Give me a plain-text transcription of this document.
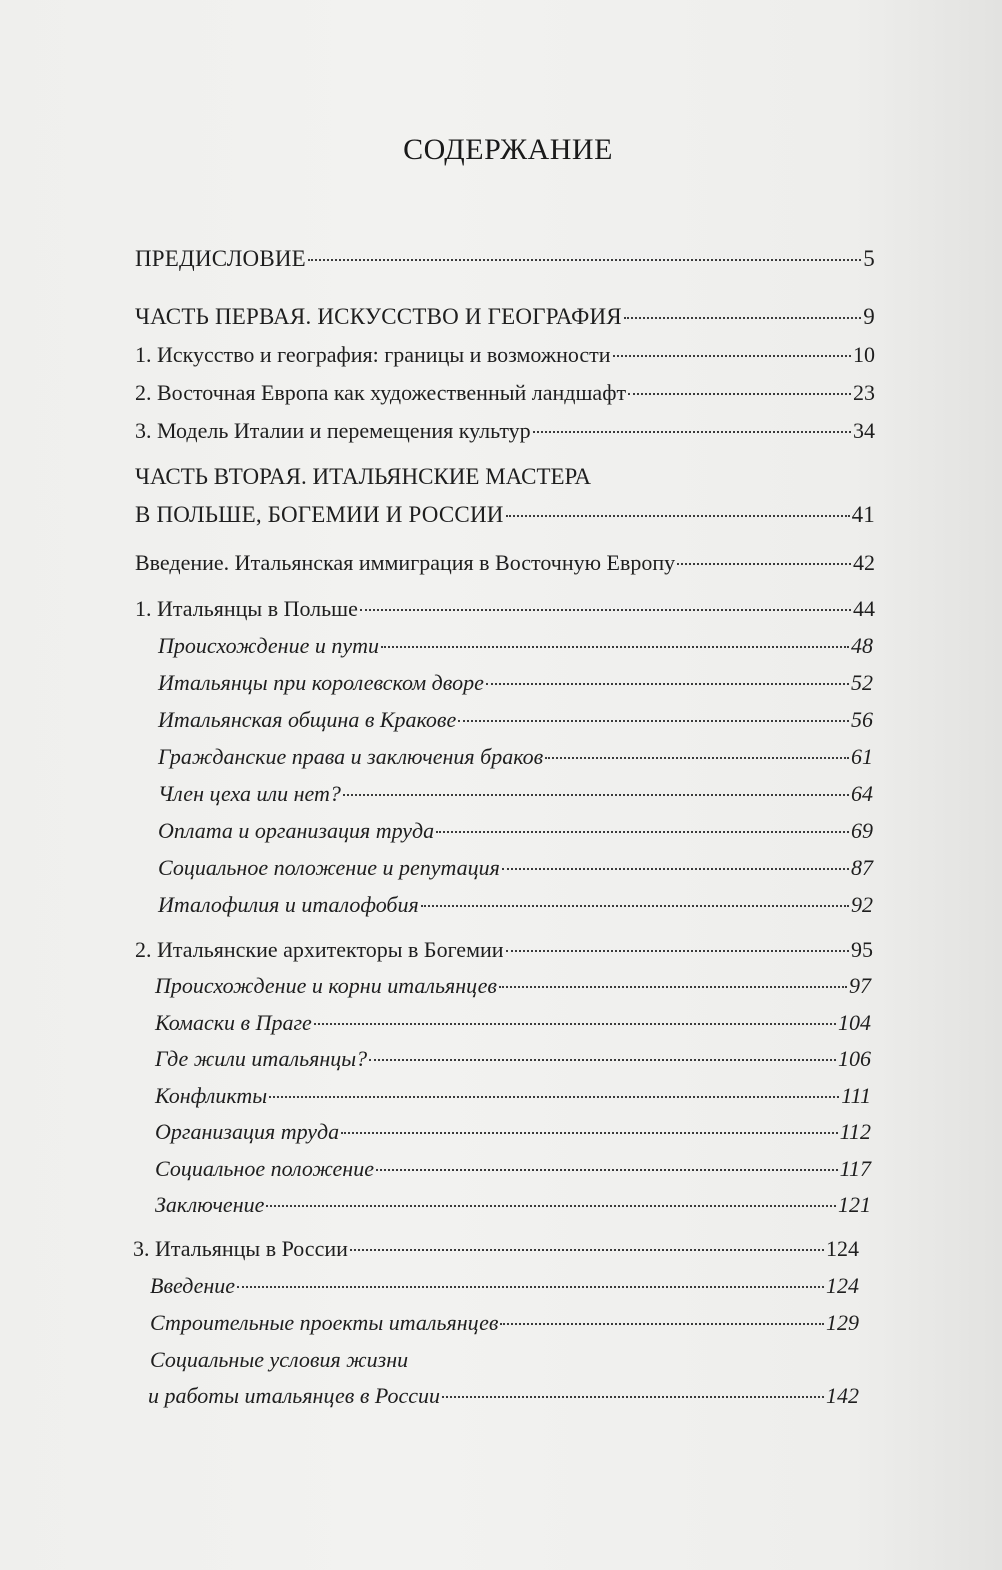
СОДЕРЖАНИЕ
ПРЕДИСЛОВИЕ	5
ЧАСТЬ ПЕРВАЯ. ИСКУССТВО И ГЕОГРАФИЯ	9
1. Искусство и география: границы и возможности	10
2. Восточная Европа как художественный ландшафт	23
3. Модель Италии и перемещения культур	34
ЧАСТЬ ВТОРАЯ. ИТАЛЬЯНСКИЕ МАСТЕРА
В ПОЛЬШЕ, БОГЕМИИ И РОССИИ	41
Введение. Итальянская иммиграция в Восточную Европу	42
1. Итальянцы в Польше	44
Происхождение и пути	48
Итальянцы при королевском дворе	52
Итальянская община в Кракове	56
Гражданские права и заключения браков	61
Член цеха или нет?	64
Оплата и организация труда	69
Социальное положение и репутация	87
Италофилия и италофобия	92
2. Итальянские архитекторы в Богемии	95
Происхождение и корни итальянцев	97
Комаски в Праге	104
Где жили итальянцы?	106
Конфликты	111
Организация труда	112
Социальное положение	117
Заключение	121
3. Итальянцы в России	124
Введение	124
Строительные проекты итальянцев	129
Социальные условия жизни
и работы итальянцев в России	142
